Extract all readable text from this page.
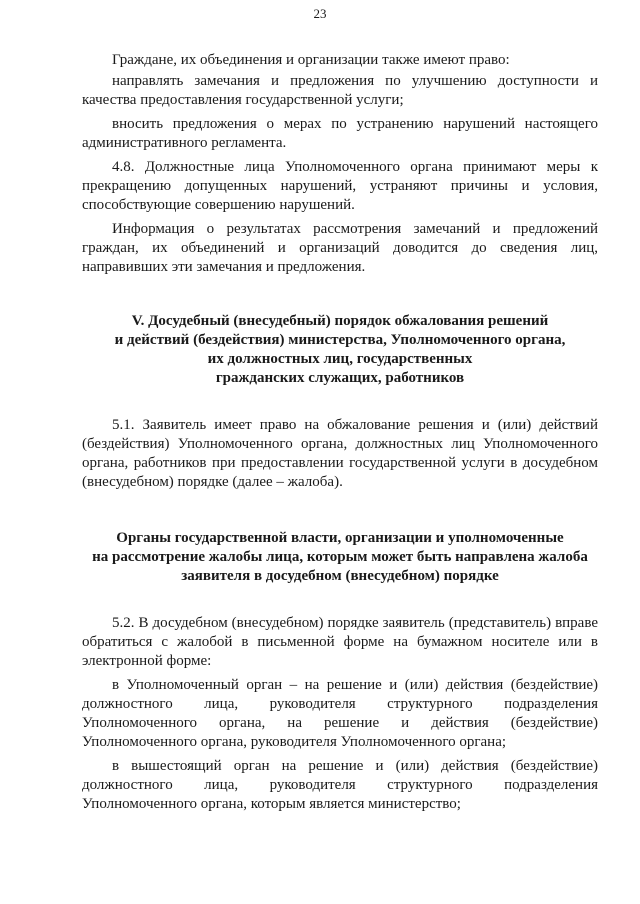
23

Граждане, их объединения и организации также имеют право:

направлять замечания и предложения по улучшению доступности и качества предоставления государственной услуги;

вносить предложения о мерах по устранению нарушений настоящего административного регламента.

4.8. Должностные лица Уполномоченного органа принимают меры к прекращению допущенных нарушений, устраняют причины и условия, способствующие совершению нарушений.

Информация о результатах рассмотрения замечаний и предложений граждан, их объединений и организаций доводится до сведения лиц, направивших эти замечания и предложения.

V. Досудебный (внесудебный) порядок обжалования решений
и действий (бездействия) министерства, Уполномоченного органа,
их должностных лиц, государственных
гражданских служащих, работников

5.1. Заявитель имеет право на обжалование решения и (или) действий (бездействия) Уполномоченного органа, должностных лиц Уполномоченного органа, работников при предоставлении государственной услуги в досудебном (внесудебном) порядке (далее – жалоба).

Органы государственной власти, организации и уполномоченные
на рассмотрение жалобы лица, которым может быть направлена жалоба
заявителя в досудебном (внесудебном) порядке

5.2. В досудебном (внесудебном) порядке заявитель (представитель) вправе обратиться с жалобой в письменной форме на бумажном носителе или в электронной форме:

в Уполномоченный орган – на решение и (или) действия (бездействие) должностного лица, руководителя структурного подразделения Уполномоченного органа, на решение и действия (бездействие) Уполномоченного органа, руководителя Уполномоченного органа;

в вышестоящий орган на решение и (или) действия (бездействие) должностного лица, руководителя структурного подразделения Уполномоченного органа, которым является министерство;
